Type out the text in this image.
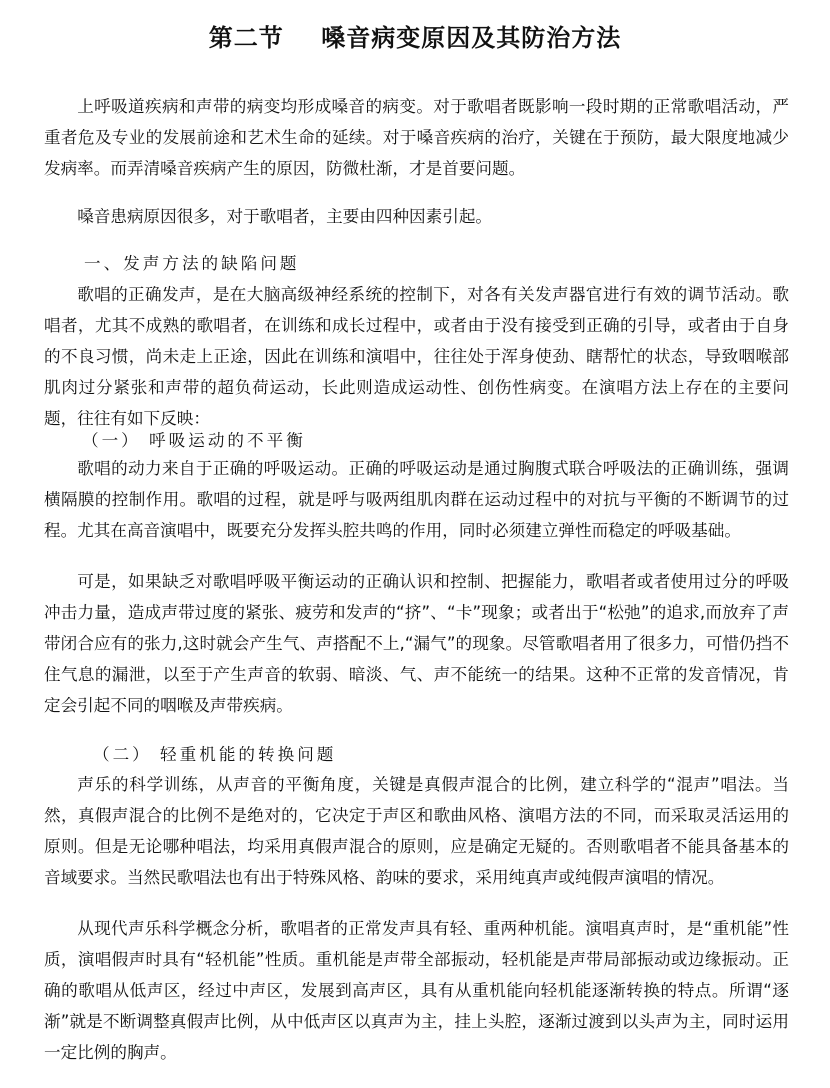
第二节    嗓音病变原因及其防治方法
上呼吸道疾病和声带的病变均形成嗓音的病变。对于歌唱者既影响一段时期的正常歌唱活动，严重者危及专业的发展前途和艺术生命的延续。对于嗓音疾病的治疗，关键在于预防，最大限度地减少发病率。而弄清嗓音疾病产生的原因，防微杜渐，才是首要问题。
嗓音患病原因很多，对于歌唱者，主要由四种因素引起。
一、发声方法的缺陷问题
歌唱的正确发声，是在大脑高级神经系统的控制下，对各有关发声器官进行有效的调节活动。歌唱者，尤其不成熟的歌唱者，在训练和成长过程中，或者由于没有接受到正确的引导，或者由于自身的不良习惯，尚未走上正途，因此在训练和演唱中，往往处于浑身使劲、瞎帮忙的状态，导致咽喉部肌肉过分紧张和声带的超负荷运动，长此则造成运动性、创伤性病变。在演唱方法上存在的主要问题，往往有如下反映：
（一） 呼吸运动的不平衡
歌唱的动力来自于正确的呼吸运动。正确的呼吸运动是通过胸腹式联合呼吸法的正确训练，强调横隔膜的控制作用。歌唱的过程，就是呼与吸两组肌肉群在运动过程中的对抗与平衡的不断调节的过程。尤其在高音演唱中，既要充分发挥头腔共鸣的作用，同时必须建立弹性而稳定的呼吸基础。
可是，如果缺乏对歌唱呼吸平衡运动的正确认识和控制、把握能力，歌唱者或者使用过分的呼吸冲击力量，造成声带过度的紧张、疲劳和发声的“挤”、“卡”现象；或者出于“松弛”的追求,而放弃了声带闭合应有的张力,这时就会产生气、声搭配不上,“漏气”的现象。尽管歌唱者用了很多力，可惜仍挡不住气息的漏泄，以至于产生声音的软弱、暗淡、气、声不能统一的结果。这种不正常的发音情况，肯定会引起不同的咽喉及声带疾病。
（二） 轻重机能的转换问题
声乐的科学训练，从声音的平衡角度，关键是真假声混合的比例，建立科学的“混声”唱法。当然，真假声混合的比例不是绝对的，它决定于声区和歌曲风格、演唱方法的不同，而采取灵活运用的原则。但是无论哪种唱法，均采用真假声混合的原则，应是确定无疑的。否则歌唱者不能具备基本的音域要求。当然民歌唱法也有出于特殊风格、韵味的要求，采用纯真声或纯假声演唱的情况。
从现代声乐科学概念分析，歌唱者的正常发声具有轻、重两种机能。演唱真声时，是“重机能”性质，演唱假声时具有“轻机能”性质。重机能是声带全部振动，轻机能是声带局部振动或边缘振动。正确的歌唱从低声区，经过中声区，发展到高声区，具有从重机能向轻机能逐渐转换的特点。所谓“逐渐”就是不断调整真假声比例，从中低声区以真声为主，挂上头腔，逐渐过渡到以头声为主，同时运用一定比例的胸声。
